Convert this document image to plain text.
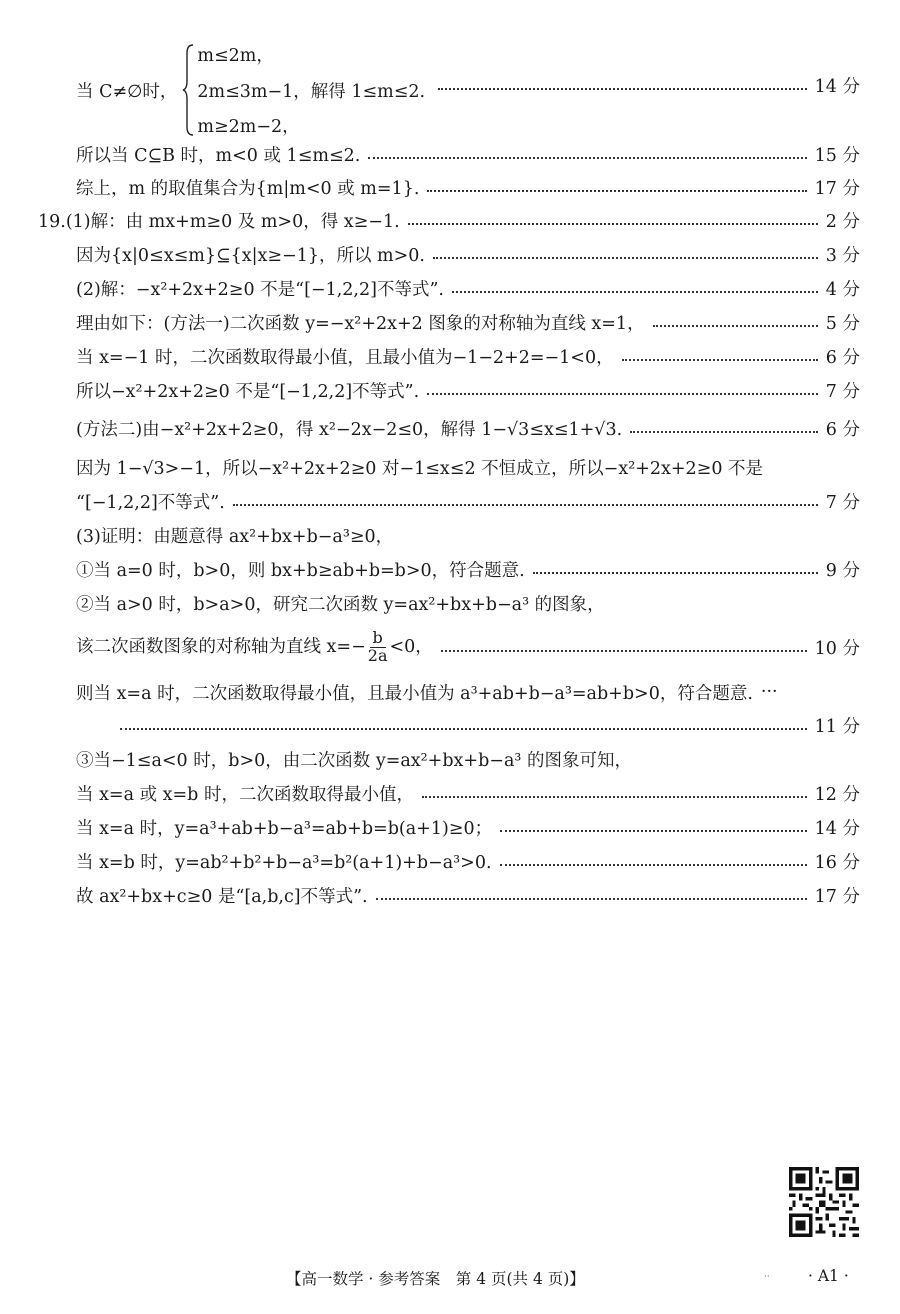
当 C≠∅时，
m≤2m，
2m≤3m−1，解得 1≤m≤2.
m≥2m−2，
14 分
所以当 C⊆B 时，m<0 或 1≤m≤2.	15 分
综上，m 的取值集合为{m|m<0 或 m=1}.	17 分
19.(1)解：由 mx+m≥0 及 m>0，得 x≥−1.	2 分
因为{x|0≤x≤m}⊆{x|x≥−1}，所以 m>0.	3 分
(2)解：−x²+2x+2≥0 不是“[−1,2,2]不等式”.	4 分
理由如下：(方法一)二次函数 y=−x²+2x+2 图象的对称轴为直线 x=1，	5 分
当 x=−1 时，二次函数取得最小值，且最小值为−1−2+2=−1<0，	6 分
所以−x²+2x+2≥0 不是“[−1,2,2]不等式”.	7 分
(方法二)由−x²+2x+2≥0，得 x²−2x−2≤0，解得 1−√3≤x≤1+√3.	6 分
因为 1−√3>−1，所以−x²+2x+2≥0 对−1≤x≤2 不恒成立，所以−x²+2x+2≥0 不是
“[−1,2,2]不等式”.	7 分
(3)证明：由题意得 ax²+bx+b−a³≥0，
①当 a=0 时，b>0，则 bx+b≥ab+b=b>0，符合题意.	9 分
②当 a>0 时，b>a>0，研究二次函数 y=ax²+bx+b−a³ 的图象，
该二次函数图象的对称轴为直线 $x=- \frac{b}{2a} <0$，	10 分
则当 x=a 时，二次函数取得最小值，且最小值为 a³+ab+b−a³=ab+b>0，符合题意. ···
11 分
③当−1≤a<0 时，b>0，由二次函数 y=ax²+bx+b−a³ 的图象可知，
当 x=a 或 x=b 时，二次函数取得最小值，	12 分
当 x=a 时，y=a³+ab+b−a³=ab+b=b(a+1)≥0；	14 分
当 x=b 时，y=ab²+b²+b−a³=b²(a+1)+b−a³>0.	16 分
故 ax²+bx+c≥0 是“[a,b,c]不等式”.	17 分
【高一数学 · 参考答案　第 4 页(共 4 页)】	·· · A1 ·
